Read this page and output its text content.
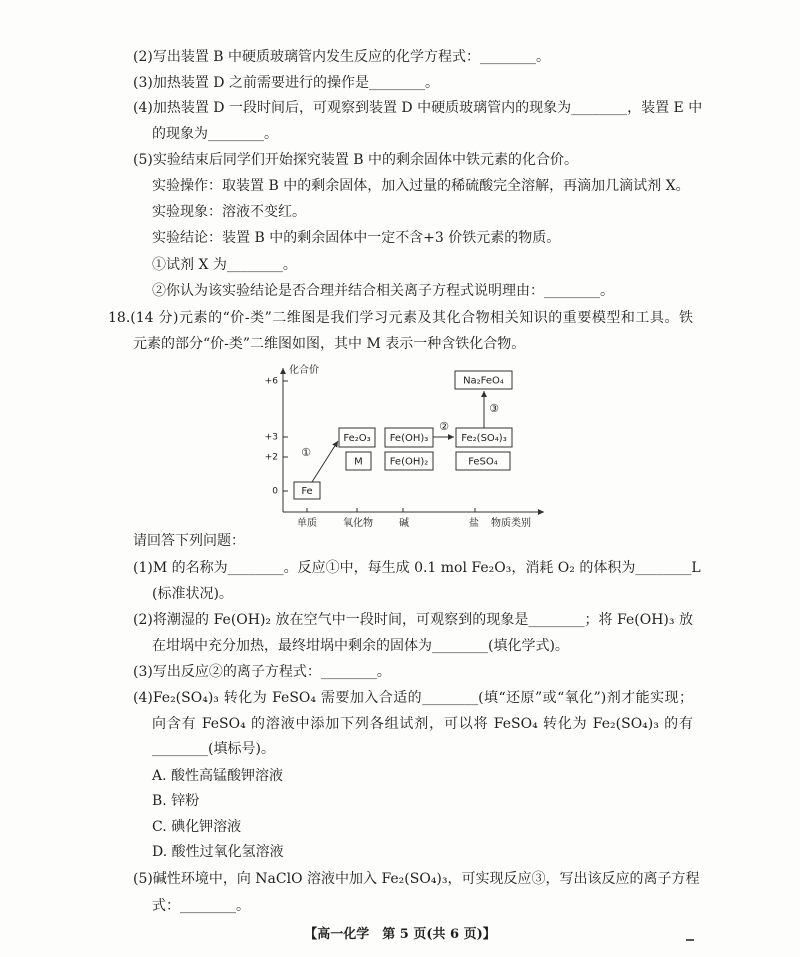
(2)写出装置 B 中硬质玻璃管内发生反应的化学方程式：________。
(3)加热装置 D 之前需要进行的操作是________。
(4)加热装置 D 一段时间后，可观察到装置 D 中硬质玻璃管内的现象为________，装置 E 中
的现象为________。
(5)实验结束后同学们开始探究装置 B 中的剩余固体中铁元素的化合价。
实验操作：取装置 B 中的剩余固体，加入过量的稀硫酸完全溶解，再滴加几滴试剂 X。
实验现象：溶液不变红。
实验结论：装置 B 中的剩余固体中一定不含+3 价铁元素的物质。
①试剂 X 为________。
②你认为该实验结论是否合理并结合相关离子方程式说明理由：________。
18.(14 分)元素的“价-类”二维图是我们学习元素及其化合物相关知识的重要模型和工具。铁
元素的部分“价-类”二维图如图，其中 M 表示一种含铁化合物。
化合价
+6
+3
+2
0
单质	氧化物	碱	盐 物质类别
Fe
Fe₂O₃
M
Fe(OH)₃
Fe(OH)₂
Fe₂(SO₄)₃
FeSO₄
Na₂FeO₄
①
②
③
请回答下列问题：
(1)M 的名称为________。反应①中，每生成 0.1 mol Fe₂O₃，消耗 O₂ 的体积为________L
(标准状况)。
(2)将潮湿的 Fe(OH)₂ 放在空气中一段时间，可观察到的现象是________；将 Fe(OH)₃ 放
在坩埚中充分加热，最终坩埚中剩余的固体为________(填化学式)。
(3)写出反应②的离子方程式：________。
(4)Fe₂(SO₄)₃ 转化为 FeSO₄ 需要加入合适的________(填“还原”或“氧化”)剂才能实现；
向含有 FeSO₄ 的溶液中添加下列各组试剂，可以将 FeSO₄ 转化为 Fe₂(SO₄)₃ 的有
________(填标号)。
A. 酸性高锰酸钾溶液
B. 锌粉
C. 碘化钾溶液
D. 酸性过氧化氢溶液
(5)碱性环境中，向 NaClO 溶液中加入 Fe₂(SO₄)₃，可实现反应③，写出该反应的离子方程
式：________。
【高一化学　第 5 页(共 6 页)】
